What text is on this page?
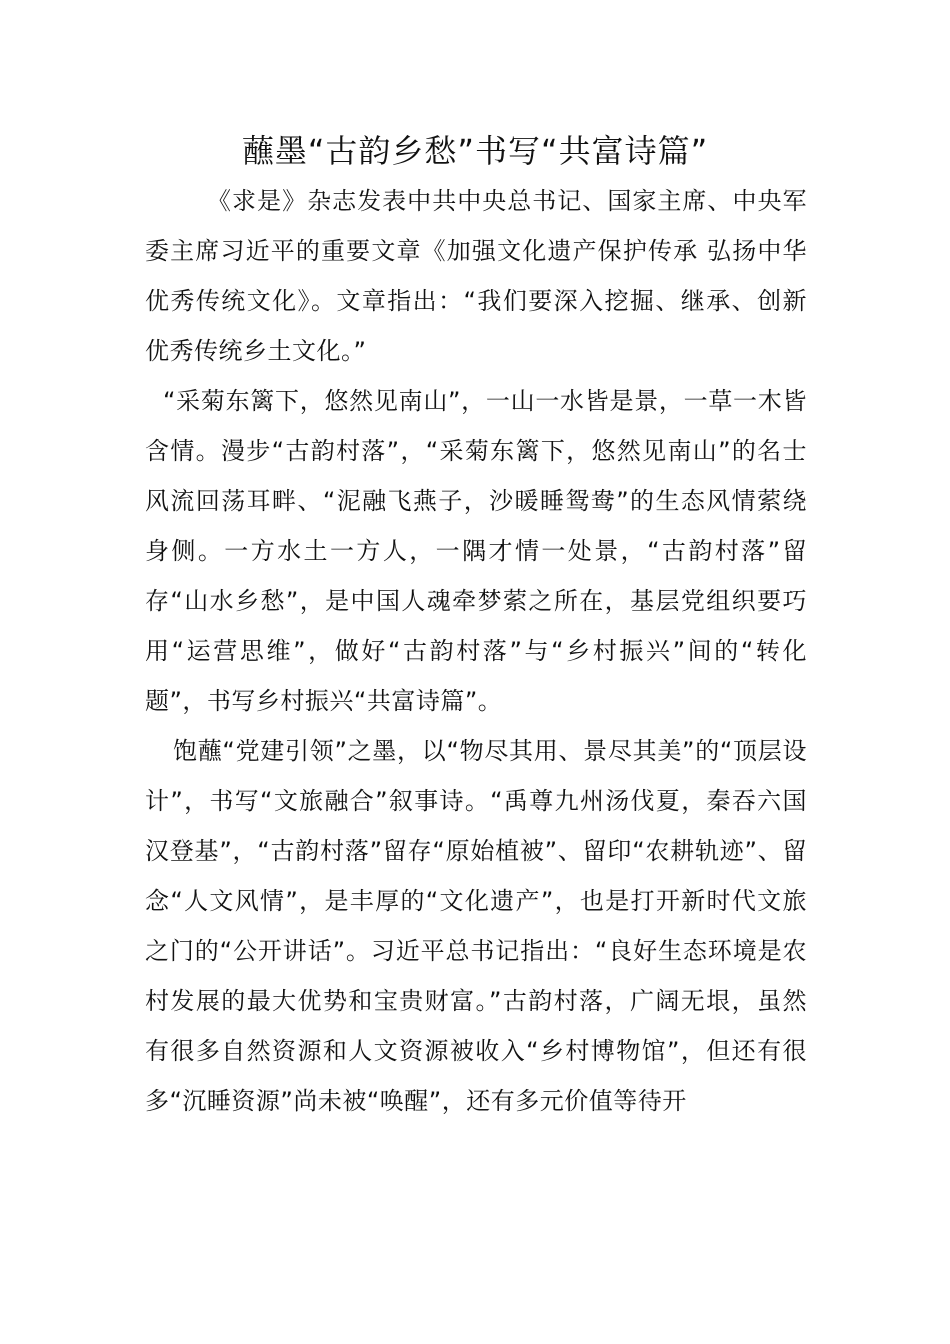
蘸墨“古韵乡愁”书写“共富诗篇”

《求是》杂志发表中共中央总书记、国家主席、中央军委主席习近平的重要文章《加强文化遗产保护传承 弘扬中华优秀传统文化》。文章指出：“我们要深入挖掘、继承、创新优秀传统乡土文化。”

“采菊东篱下，悠然见南山”，一山一水皆是景，一草一木皆含情。漫步“古韵村落”，“采菊东篱下，悠然见南山”的名士风流回荡耳畔、“泥融飞燕子，沙暖睡鸳鸯”的生态风情萦绕身侧。一方水土一方人，一隅才情一处景，“古韵村落”留存“山水乡愁”，是中国人魂牵梦萦之所在，基层党组织要巧用“运营思维”，做好“古韵村落”与“乡村振兴”间的“转化题”，书写乡村振兴“共富诗篇”。

饱蘸“党建引领”之墨，以“物尽其用、景尽其美”的“顶层设计”，书写“文旅融合”叙事诗。“禹尊九州汤伐夏，秦吞六国汉登基”，“古韵村落”留存“原始植被”、留印“农耕轨迹”、留念“人文风情”，是丰厚的“文化遗产”，也是打开新时代文旅之门的“公开讲话”。习近平总书记指出：“良好生态环境是农村发展的最大优势和宝贵财富。”古韵村落，广阔无垠，虽然有很多自然资源和人文资源被收入“乡村博物馆”，但还有很多“沉睡资源”尚未被“唤醒”，还有多元价值等待开
